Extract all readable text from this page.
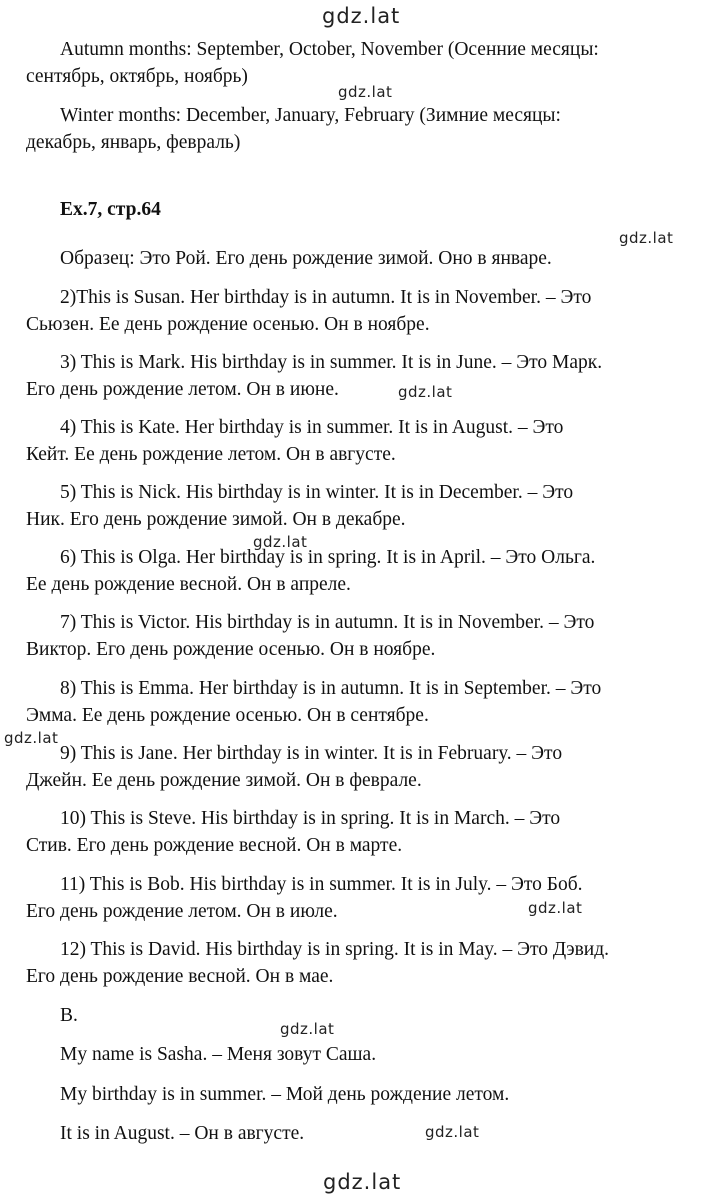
gdz.lat
gdz.lat
gdz.lat
gdz.lat
gdz.lat
gdz.lat
gdz.lat
gdz.lat
gdz.lat
gdz.lat

Autumn months: September, October, November (Осенние месяцы:
сентябрь, октябрь, ноябрь)

Winter months: December, January, February (Зимние месяцы:
декабрь, январь, февраль)

Ex.7, стр.64
Образец: Это Рой. Его день рождение зимой. Оно в январе.

2)This is Susan. Her birthday is in autumn. It is in November. – Это
Сьюзен. Ее день рождение осенью. Он в ноябре.

3) This is Mark. His birthday is in summer. It is in June. – Это Марк.
Его день рождение летом. Он в июне.

4) This is Kate. Her birthday is in summer. It is in August. – Это
Кейт. Ее день рождение летом. Он в августе.

5) This is Nick. His birthday is in winter. It is in December. – Это
Ник. Его день рождение зимой. Он в декабре.

6) This is Olga. Her birthday is in spring. It is in April. – Это Ольга.
Ее день рождение весной. Он в апреле.

7) This is Victor. His birthday is in autumn. It is in November. – Это
Виктор. Его день рождение осенью. Он в ноябре.

8) This is Emma. Her birthday is in autumn. It is in September. – Это
Эмма. Ее день рождение осенью. Он в сентябре.

9) This is Jane. Her birthday is in winter. It is in February. – Это
Джейн. Ее день рождение зимой. Он в феврале.

10) This is Steve. His birthday is in spring. It is in March. – Это
Стив. Его день рождение весной. Он в марте.

11) This is Bob. His birthday is in summer. It is in July. – Это Боб.
Его день рождение летом. Он в июле.

12) This is David. His birthday is in spring. It is in May. – Это Дэвид.
Его день рождение весной. Он в мае.

B.
My name is Sasha. – Меня зовут Саша.
My birthday is in summer. – Мой день рождение летом.
It is in August. – Он в августе.
